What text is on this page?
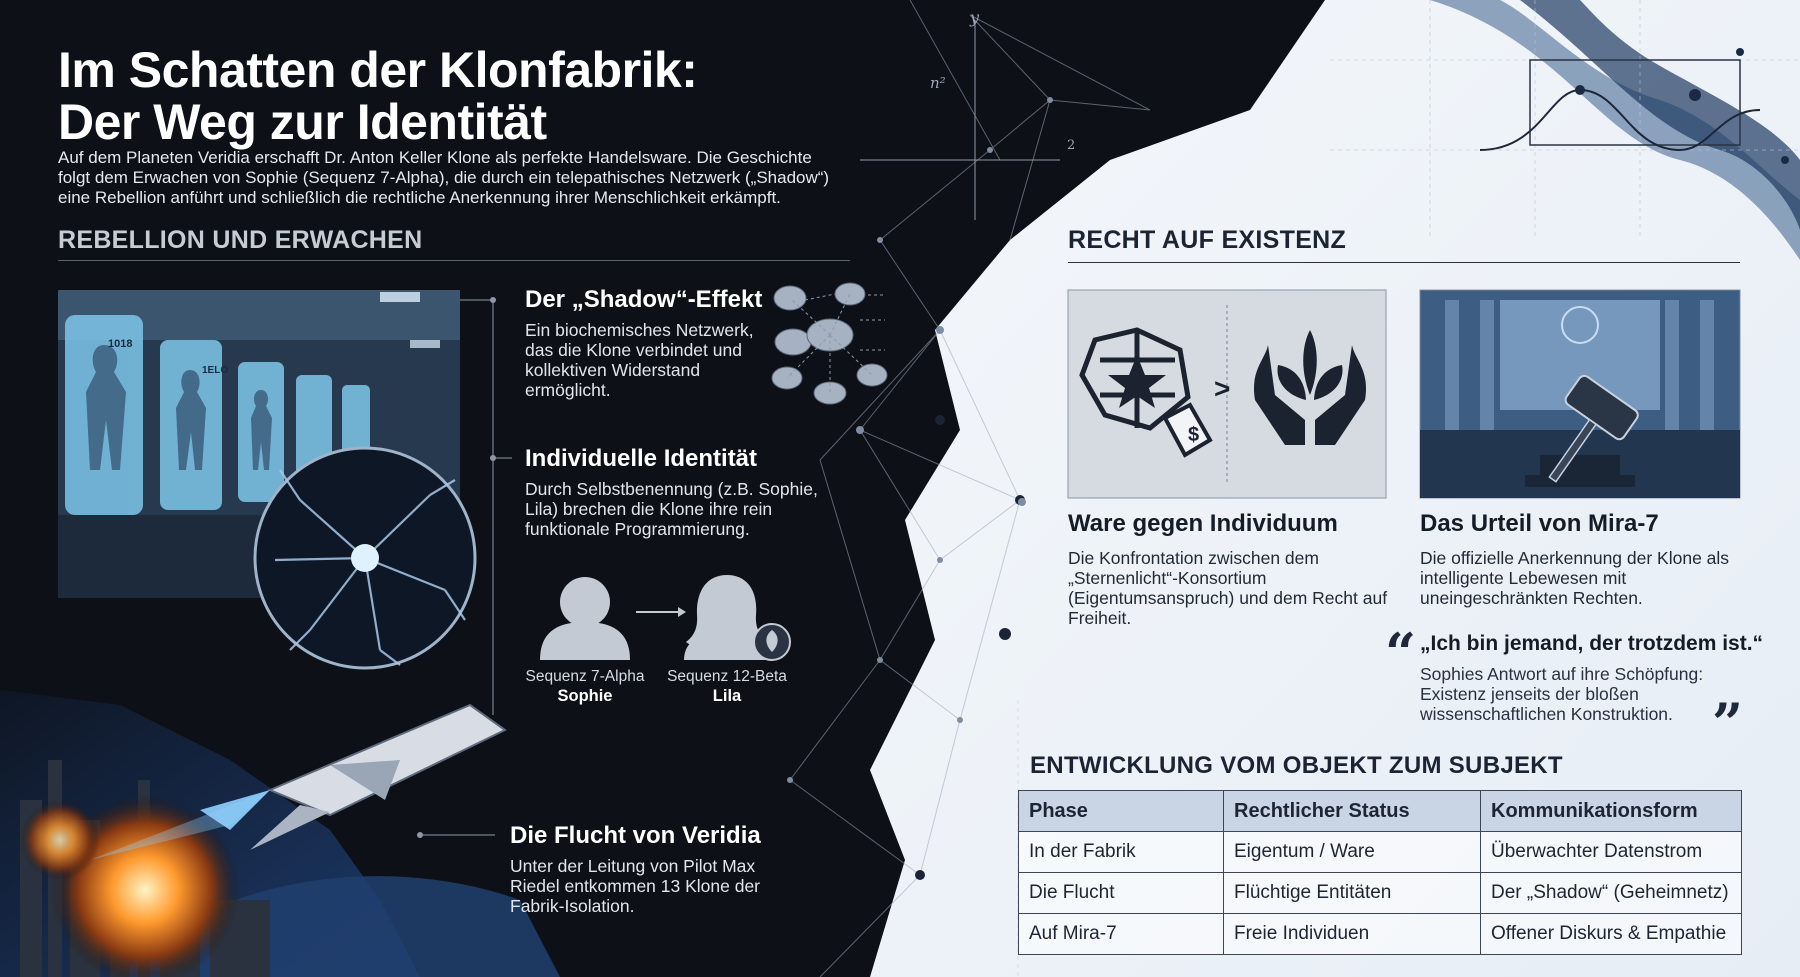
$
>
y
n²
2
1018
1ELO
Im Schatten der Klonfabrik:
Der Weg zur Identität
Auf dem Planeten Veridia erschafft Dr. Anton Keller Klone als perfekte Handelsware. Die Geschichte folgt dem Erwachen von Sophie (Sequenz 7-Alpha), die durch ein telepathisches Netzwerk („Shadow“) eine Rebellion anführt und schließlich die rechtliche Anerkennung ihrer Menschlichkeit erkämpft.
REBELLION UND ERWACHEN
Der „Shadow“-Effekt
Ein biochemisches Netzwerk, das die Klone verbindet und kollektiven Widerstand ermöglicht.
Individuelle Identität
Durch Selbstbenennung (z.B. Sophie, Lila) brechen die Klone ihre rein funktionale Programmierung.
Sequenz 7-Alpha
Sophie
Sequenz 12-Beta
Lila
Die Flucht von Veridia
Unter der Leitung von Pilot Max Riedel entkommen 13 Klone der Fabrik-Isolation.
RECHT AUF EXISTENZ
Ware gegen Individuum
Die Konfrontation zwischen dem „Sternenlicht“-Konsortium (Eigentumsanspruch) und dem Recht auf Freiheit.
Das Urteil von Mira-7
Die offizielle Anerkennung der Klone als intelligente Lebewesen mit uneingeschränkten Rechten.
“ „Ich bin jemand, der trotzdem ist.“
Sophies Antwort auf ihre Schöpfung: Existenz jenseits der bloßen wissenschaftlichen Konstruktion. ”
ENTWICKLUNG VOM OBJEKT ZUM SUBJEKT
Phase	Rechtlicher Status	Kommunikationsform
In der Fabrik	Eigentum / Ware	Überwachter Datenstrom
Die Flucht	Flüchtige Entitäten	Der „Shadow“ (Geheimnetz)
Auf Mira-7	Freie Individuen	Offener Diskurs & Empathie
